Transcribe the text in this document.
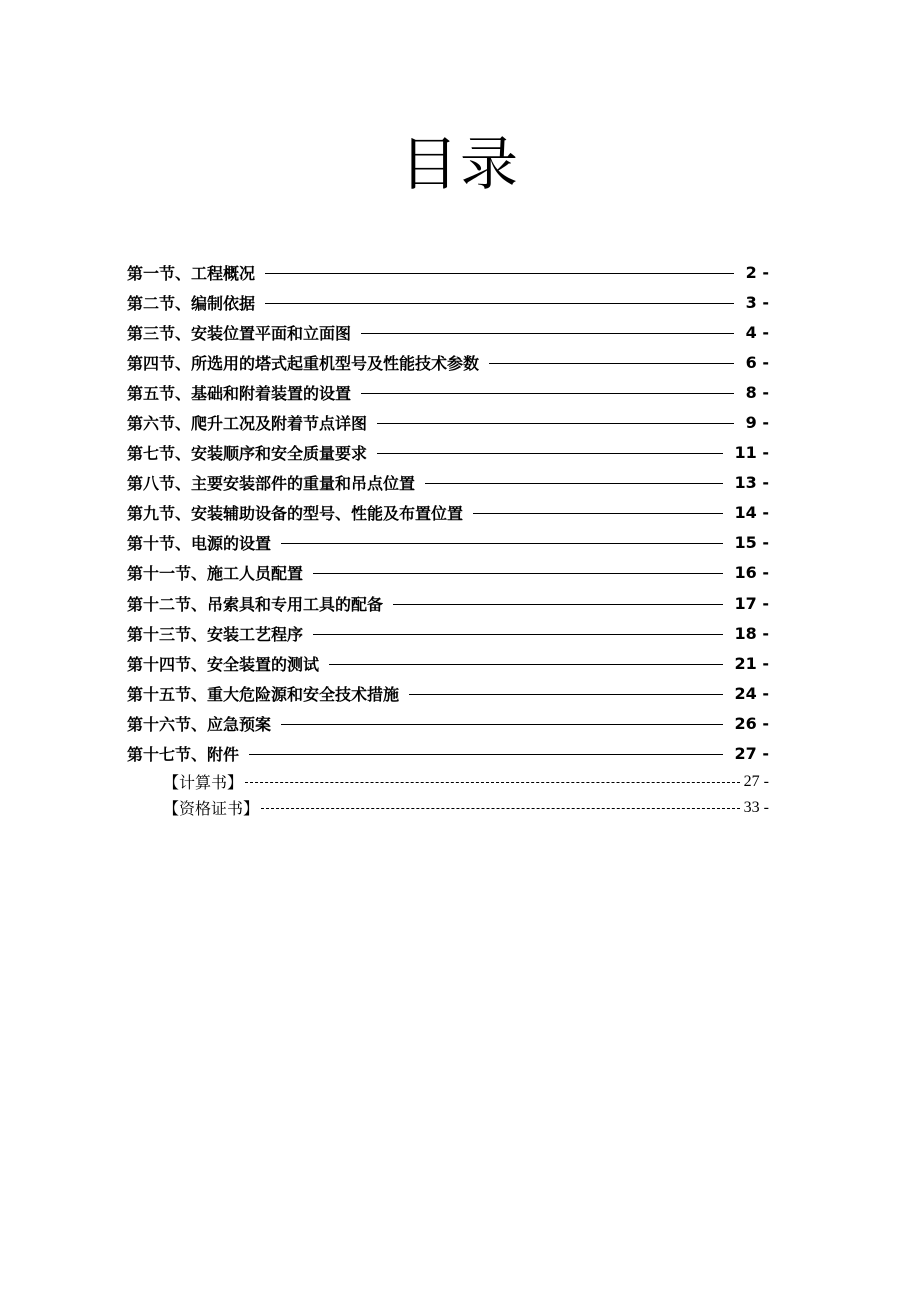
目录
第一节、工程概况	2 -
第二节、编制依据	3 -
第三节、安装位置平面和立面图	4 -
第四节、所选用的塔式起重机型号及性能技术参数	6 -
第五节、基础和附着装置的设置	8 -
第六节、爬升工况及附着节点详图	9 -
第七节、安装顺序和安全质量要求	11 -
第八节、主要安装部件的重量和吊点位置	13 -
第九节、安装辅助设备的型号、性能及布置位置	14 -
第十节、电源的设置	15 -
第十一节、施工人员配置	16 -
第十二节、吊索具和专用工具的配备	17 -
第十三节、安装工艺程序	18 -
第十四节、安全装置的测试	21 -
第十五节、重大危险源和安全技术措施	24 -
第十六节、应急预案	26 -
第十七节、附件	27 -
【计算书】	27 -
【资格证书】	33 -
